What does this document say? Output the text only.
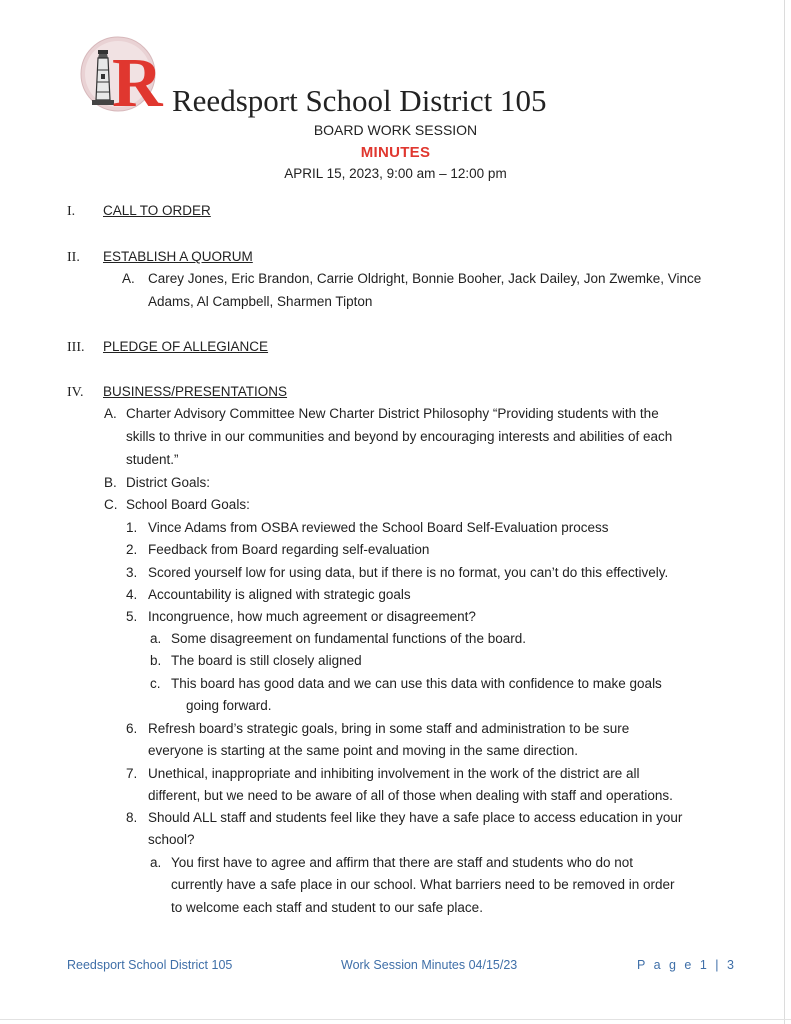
R Reedsport School District 105
BOARD WORK SESSION
MINUTES
APRIL 15, 2023, 9:00 am – 12:00 pm
I. CALL TO ORDER
II. ESTABLISH A QUORUM
A. Carey Jones, Eric Brandon, Carrie Oldright, Bonnie Booher, Jack Dailey, Jon Zwemke, Vince
Adams, Al Campbell, Sharmen Tipton
III. PLEDGE OF ALLEGIANCE
IV. BUSINESS/PRESENTATIONS
A. Charter Advisory Committee New Charter District Philosophy “Providing students with the
skills to thrive in our communities and beyond by encouraging interests and abilities of each
student.”
B. District Goals:
C. School Board Goals:
1. Vince Adams from OSBA reviewed the School Board Self-Evaluation process
2. Feedback from Board regarding self-evaluation
3. Scored yourself low for using data, but if there is no format, you can’t do this effectively.
4. Accountability is aligned with strategic goals
5. Incongruence, how much agreement or disagreement?
a. Some disagreement on fundamental functions of the board.
b. The board is still closely aligned
c. This board has good data and we can use this data with confidence to make goals
going forward.
6. Refresh board’s strategic goals, bring in some staff and administration to be sure
everyone is starting at the same point and moving in the same direction.
7. Unethical, inappropriate and inhibiting involvement in the work of the district are all
different, but we need to be aware of all of those when dealing with staff and operations.
8. Should ALL staff and students feel like they have a safe place to access education in your
school?
a. You first have to agree and affirm that there are staff and students who do not
currently have a safe place in our school. What barriers need to be removed in order
to welcome each staff and student to our safe place.
Reedsport School District 105	Work Session Minutes 04/15/23	P a g e 1 | 3
